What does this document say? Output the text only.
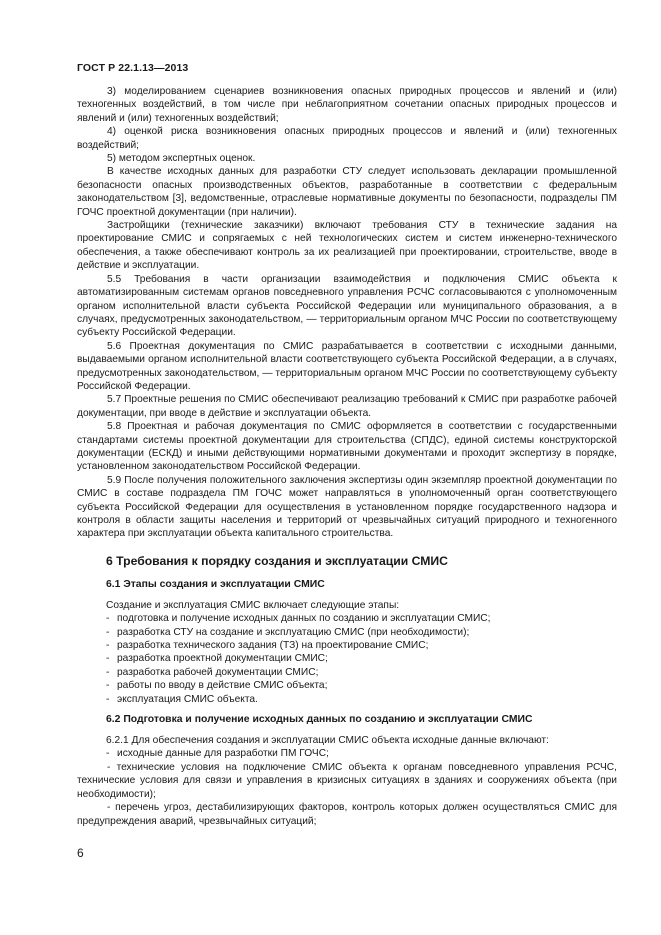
ГОСТ Р 22.1.13—2013

3) моделированием сценариев возникновения опасных природных процессов и явлений и (или) техногенных воздействий, в том числе при неблагоприятном сочетании опасных природных процессов и явлений и (или) техногенных воздействий;

4) оценкой риска возникновения опасных природных процессов и явлений и (или) техногенных воздействий;

5) методом экспертных оценок.

В качестве исходных данных для разработки СТУ следует использовать декларации промышленной безопасности опасных производственных объектов, разработанные в соответствии с федеральным законодательством [3], ведомственные, отраслевые нормативные документы по безопасности, подразделы ПМ ГОЧС проектной документации (при наличии).

Застройщики (технические заказчики) включают требования СТУ в технические задания на проектирование СМИС и сопрягаемых с ней технологических систем и систем инженерно-технического обеспечения, а также обеспечивают контроль за их реализацией при проектировании, строительстве, вводе в действие и эксплуатации.

5.5 Требования в части организации взаимодействия и подключения СМИС объекта к автоматизированным системам органов повседневного управления РСЧС согласовываются с уполномоченным органом исполнительной власти субъекта Российской Федерации или муниципального образования, а в случаях, предусмотренных законодательством, — территориальным органом МЧС России по соответствующему субъекту Российской Федерации.

5.6 Проектная документация по СМИС разрабатывается в соответствии с исходными данными, выдаваемыми органом исполнительной власти соответствующего субъекта Российской Федерации, а в случаях, предусмотренных законодательством, — территориальным органом МЧС России по соответствующему субъекту Российской Федерации.

5.7 Проектные решения по СМИС обеспечивают реализацию требований к СМИС при разработке рабочей документации, при вводе в действие и эксплуатации объекта.

5.8 Проектная и рабочая документация по СМИС оформляется в соответствии с государственными стандартами системы проектной документации для строительства (СПДС), единой системы конструкторской документации (ЕСКД) и иными действующими нормативными документами и проходит экспертизу в порядке, установленном законодательством Российской Федерации.

5.9 После получения положительного заключения экспертизы один экземпляр проектной документации по СМИС в составе подраздела ПМ ГОЧС может направляться в уполномоченный орган соответствующего субъекта Российской Федерации для осуществления в установленном порядке государственного надзора и контроля в области защиты населения и территорий от чрезвычайных ситуаций природного и техногенного характера при эксплуатации объекта капитального строительства.

6 Требования к порядку создания и эксплуатации СМИС
6.1 Этапы создания и эксплуатации СМИС

Создание и эксплуатация СМИС включает следующие этапы:

- подготовка и получение исходных данных по созданию и эксплуатации СМИС;

- разработка СТУ на создание и эксплуатацию СМИС (при необходимости);

- разработка технического задания (ТЗ) на проектирование СМИС;

- разработка проектной документации СМИС;

- разработка рабочей документации СМИС;

- работы по вводу в действие СМИС объекта;

- эксплуатация СМИС объекта.

6.2 Подготовка и получение исходных данных по созданию и эксплуатации СМИС

6.2.1 Для обеспечения создания и эксплуатации СМИС объекта исходные данные включают:

- исходные данные для разработки ПМ ГОЧС;

- технические условия на подключение СМИС объекта к органам повседневного управления РСЧС, технические условия для связи и управления в кризисных ситуациях в зданиях и сооружениях объекта (при необходимости);

- перечень угроз, дестабилизирующих факторов, контроль которых должен осуществляться СМИС для предупреждения аварий, чрезвычайных ситуаций;

6
